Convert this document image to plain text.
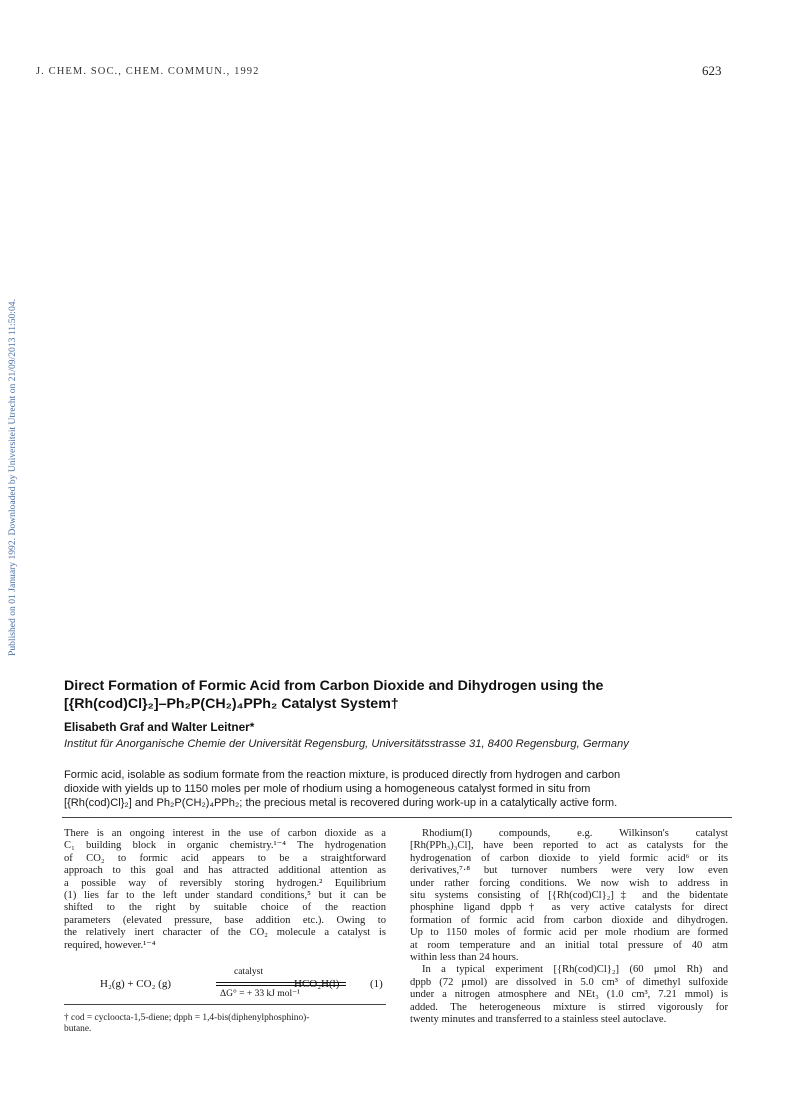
J. CHEM. SOC., CHEM. COMMUN., 1992	623
Published on 01 January 1992. Downloaded by Universiteit Utrecht on 21/09/2013 11:50:04.
Direct Formation of Formic Acid from Carbon Dioxide and Dihydrogen using the
[{Rh(cod)Cl}₂]–Ph₂P(CH₂)₄PPh₂ Catalyst System†
Elisabeth Graf and Walter Leitner*
Institut für Anorganische Chemie der Universität Regensburg, Universitätsstrasse 31, 8400 Regensburg, Germany
Formic acid, isolable as sodium formate from the reaction mixture, is produced directly from hydrogen and carbon
dioxide with yields up to 1150 moles per mole of rhodium using a homogeneous catalyst formed in situ from
[{Rh(cod)Cl}₂] and Ph₂P(CH₂)₄PPh₂; the precious metal is recovered during work-up in a catalytically active form.
There is an ongoing interest in the use of carbon dioxide as a
C₁ building block in organic chemistry.¹⁻⁴ The hydrogenation
of CO₂ to formic acid appears to be a straightforward
approach to this goal and has attracted additional attention as
a possible way of reversibly storing hydrogen.² Equilibrium
(1) lies far to the left under standard conditions,⁵ but it can be
shifted to the right by suitable choice of the reaction
parameters (elevated pressure, base addition etc.). Owing to
the relatively inert character of the CO₂ molecule a catalyst is
required, however.¹⁻⁴
H₂(g) + CO₂ (g)
catalyst
ΔG° = + 33 kJ mol⁻¹
HCO₂H(l)	(1)
† cod = cycloocta-1,5-diene; dpph = 1,4-bis(diphenylphosphino)-
butane.
Rhodium(I) compounds, e.g. Wilkinson's catalyst
[Rh(PPh₃)₃Cl], have been reported to act as catalysts for the
hydrogenation of carbon dioxide to yield formic acid⁶ or its
derivatives,⁷·⁸ but turnover numbers were very low even
under rather forcing conditions. We now wish to address in
situ systems consisting of [{Rh(cod)Cl}₂]‡ and the bidentate
phosphine ligand dppb† as very active catalysts for direct
formation of formic acid from carbon dioxide and dihydrogen.
Up to 1150 moles of formic acid per mole rhodium are formed
at room temperature and an initial total pressure of 40 atm
within less than 24 hours.
In a typical experiment [{Rh(cod)Cl}₂] (60 μmol Rh) and
dppb (72 μmol) are dissolved in 5.0 cm³ of dimethyl sulfoxide
under a nitrogen atmosphere and NEt₃ (1.0 cm³, 7.21 mmol) is
added. The heterogeneous mixture is stirred vigorously for
twenty minutes and transferred to a stainless steel autoclave.
